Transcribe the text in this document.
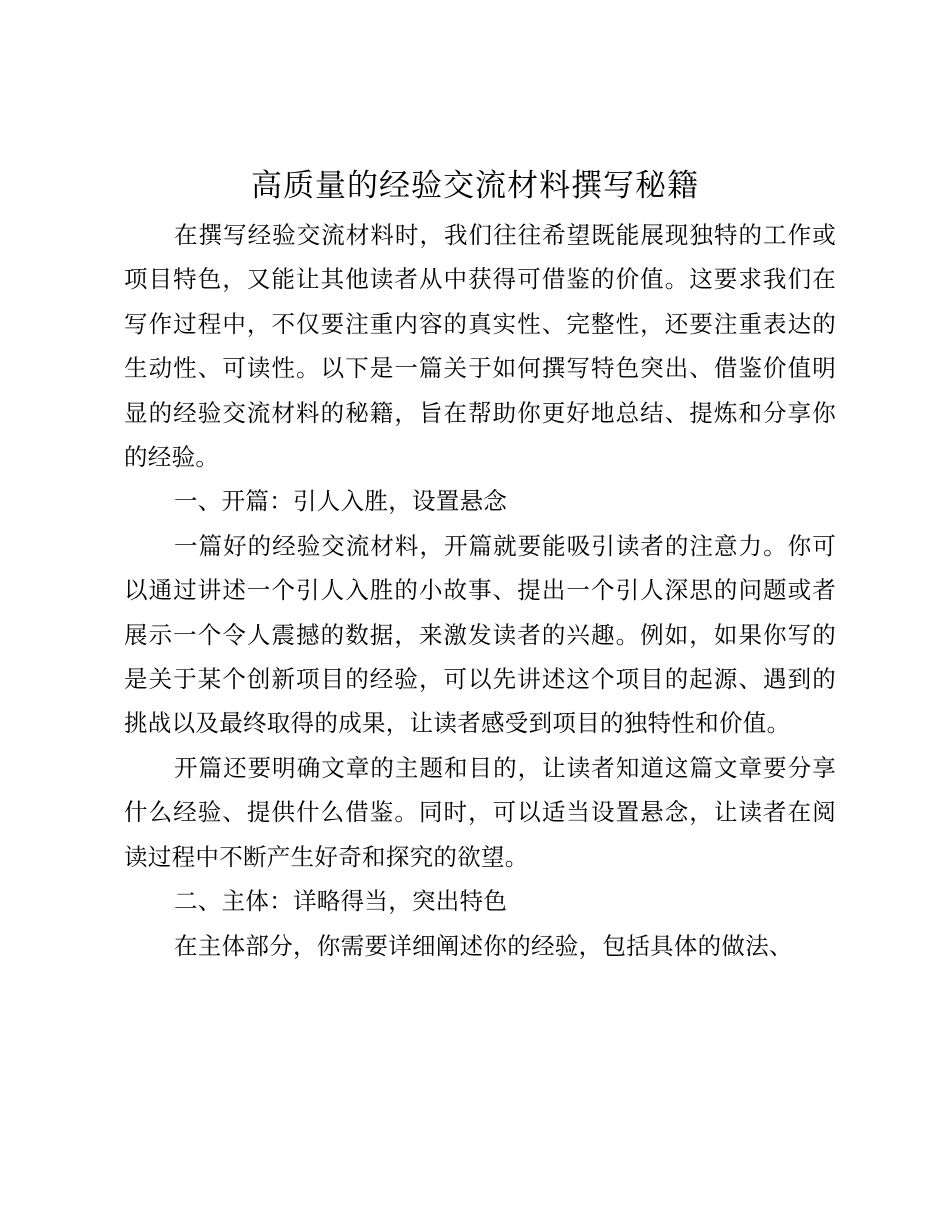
高质量的经验交流材料撰写秘籍

在撰写经验交流材料时，我们往往希望既能展现独特的工作或项目特色，又能让其他读者从中获得可借鉴的价值。这要求我们在写作过程中，不仅要注重内容的真实性、完整性，还要注重表达的生动性、可读性。以下是一篇关于如何撰写特色突出、借鉴价值明显的经验交流材料的秘籍，旨在帮助你更好地总结、提炼和分享你的经验。

一、开篇：引人入胜，设置悬念

一篇好的经验交流材料，开篇就要能吸引读者的注意力。你可以通过讲述一个引人入胜的小故事、提出一个引人深思的问题或者展示一个令人震撼的数据，来激发读者的兴趣。例如，如果你写的是关于某个创新项目的经验，可以先讲述这个项目的起源、遇到的挑战以及最终取得的成果，让读者感受到项目的独特性和价值。

开篇还要明确文章的主题和目的，让读者知道这篇文章要分享什么经验、提供什么借鉴。同时，可以适当设置悬念，让读者在阅读过程中不断产生好奇和探究的欲望。

二、主体：详略得当，突出特色

在主体部分，你需要详细阐述你的经验，包括具体的做法、
